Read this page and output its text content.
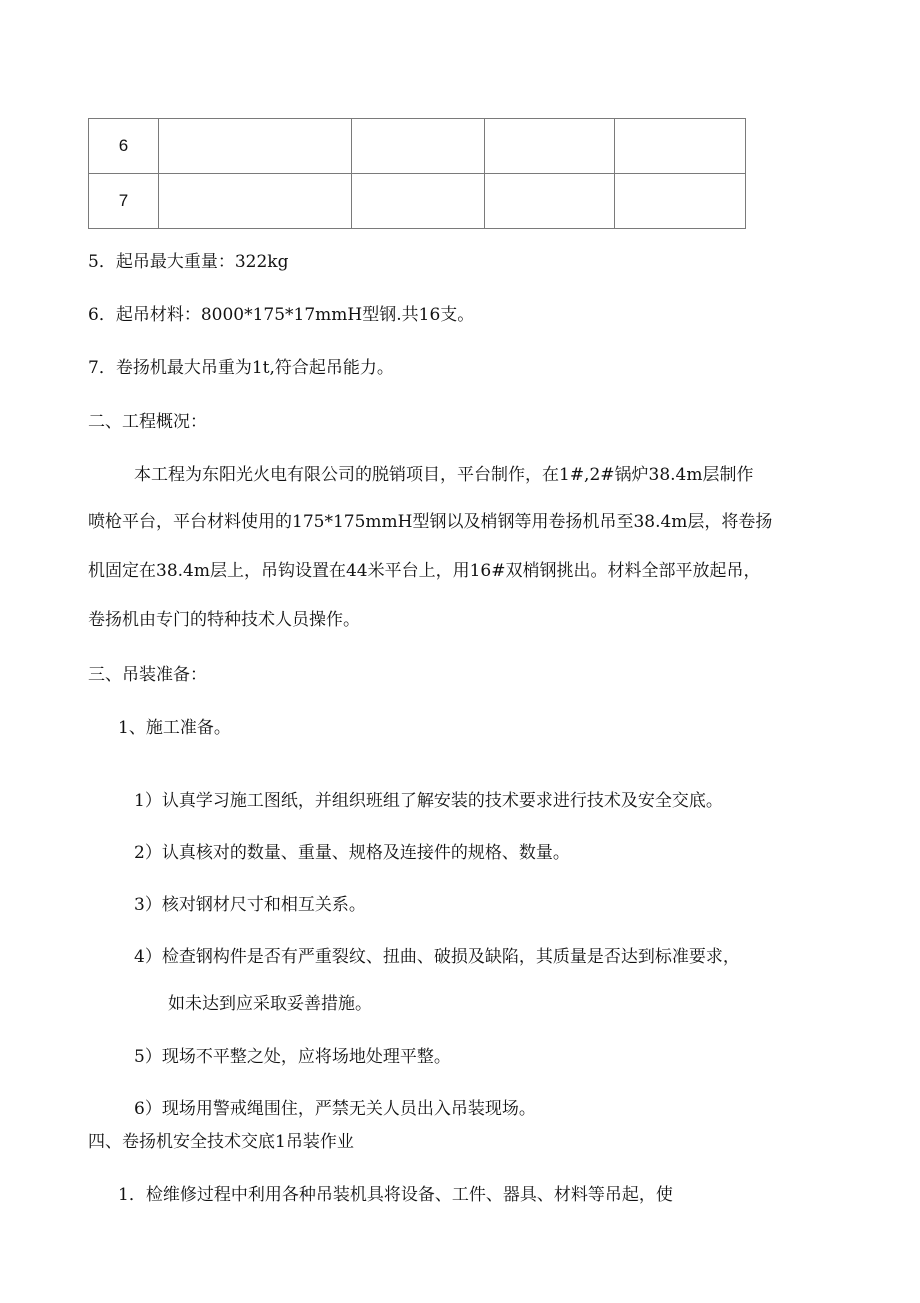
6				
7				
5．起吊最大重量：322kg
6．起吊材料：8000*175*17mmH型钢.共16支。
7．卷扬机最大吊重为1t,符合起吊能力。
二、工程概况：
本工程为东阳光火电有限公司的脱销项目，平台制作，在1#,2#锅炉38.4m层制作
喷枪平台，平台材料使用的175*175mmH型钢以及梢钢等用卷扬机吊至38.4m层，将卷扬
机固定在38.4m层上，吊钩设置在44米平台上，用16#双梢钢挑出。材料全部平放起吊，
卷扬机由专门的特种技术人员操作。
三、吊装准备：
1、施工准备。
1）认真学习施工图纸，并组织班组了解安装的技术要求进行技术及安全交底。
2）认真核对的数量、重量、规格及连接件的规格、数量。
3）核对钢材尺寸和相互关系。
4）检查钢构件是否有严重裂纹、扭曲、破损及缺陷，其质量是否达到标准要求，
如未达到应采取妥善措施。
5）现场不平整之处，应将场地处理平整。
6）现场用警戒绳围住，严禁无关人员出入吊装现场。
四、卷扬机安全技术交底1吊装作业
1．检维修过程中利用各种吊装机具将设备、工件、器具、材料等吊起，使
